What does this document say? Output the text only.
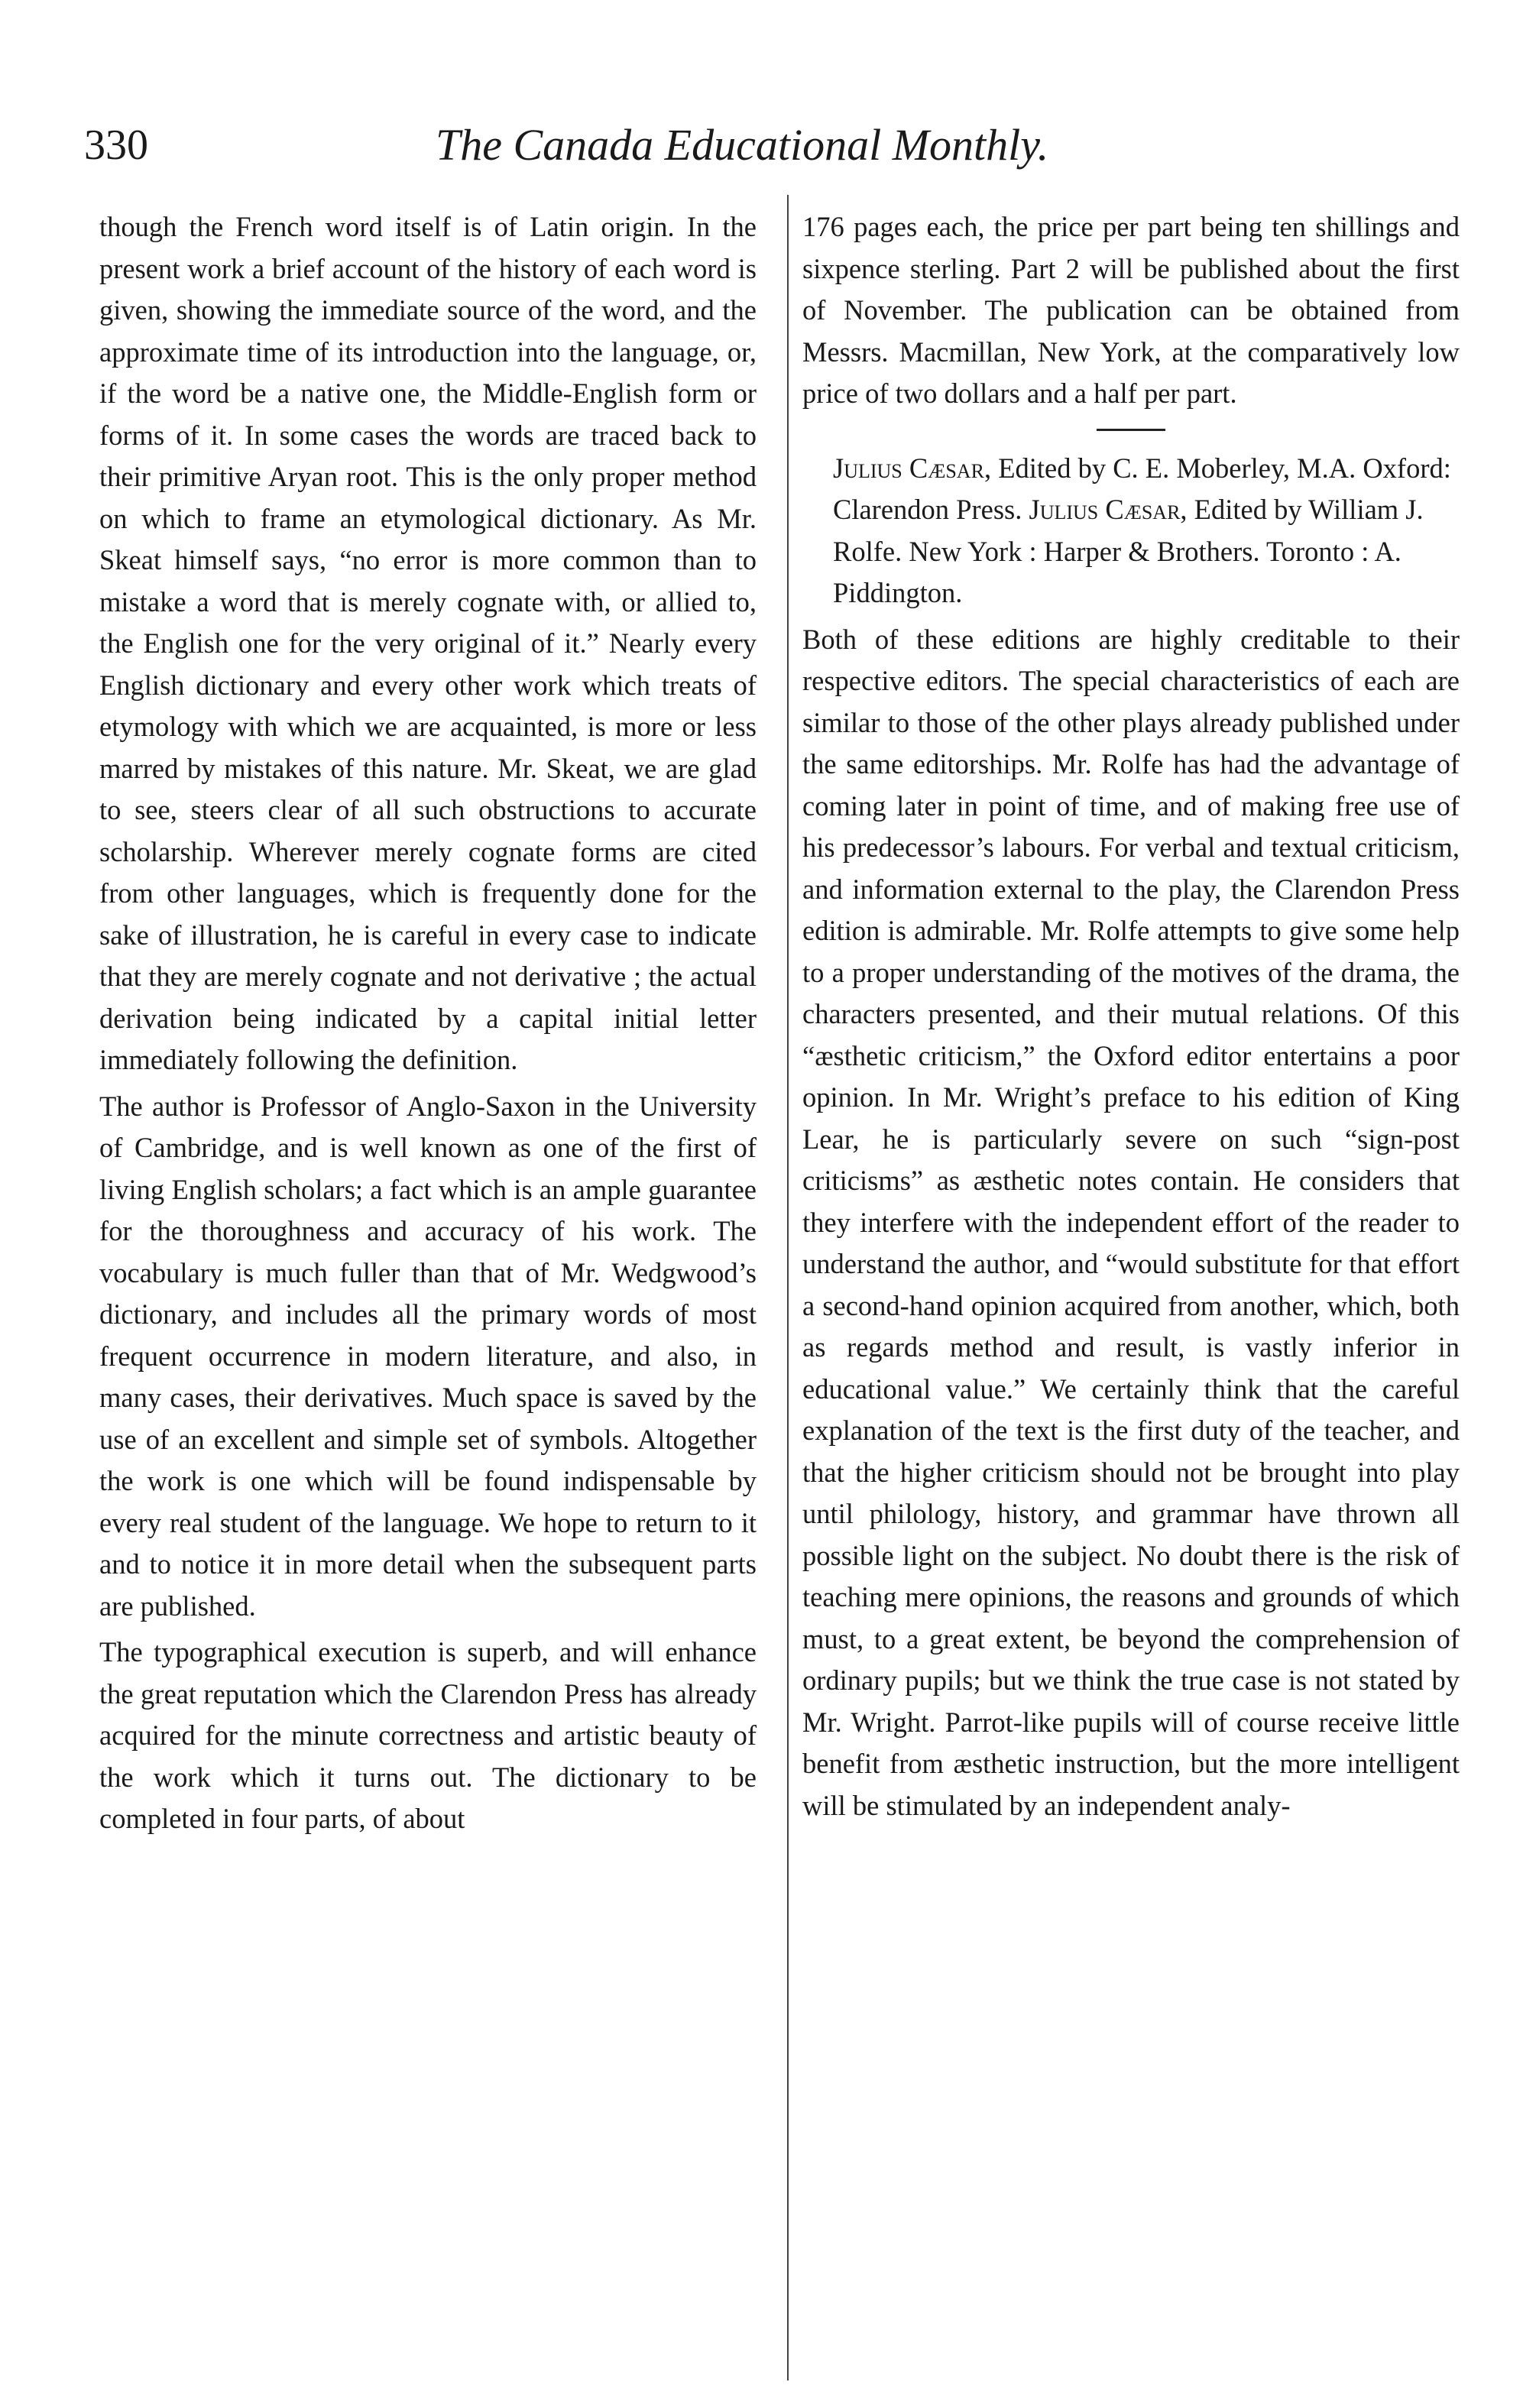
330	The Canada Educational Monthly.

though the French word itself is of Latin origin. In the present work a brief account of the history of each word is given, showing the immediate source of the word, and the approximate time of its introduction into the language, or, if the word be a native one, the Middle-English form or forms of it. In some cases the words are traced back to their primitive Aryan root. This is the only proper method on which to frame an etymological dictionary. As Mr. Skeat himself says, “no error is more common than to mistake a word that is merely cognate with, or allied to, the English one for the very original of it.” Nearly every English dictionary and every other work which treats of etymology with which we are acquainted, is more or less marred by mistakes of this nature. Mr. Skeat, we are glad to see, steers clear of all such obstructions to accurate scholarship. Wherever merely cognate forms are cited from other languages, which is frequently done for the sake of illustration, he is careful in every case to indicate that they are merely cognate and not derivative ; the actual derivation being indicated by a capital initial letter immediately following the definition.

The author is Professor of Anglo-Saxon in the University of Cambridge, and is well known as one of the first of living English scholars; a fact which is an ample guarantee for the thoroughness and accuracy of his work. The vocabulary is much fuller than that of Mr. Wedgwood’s dictionary, and includes all the primary words of most frequent occurrence in modern literature, and also, in many cases, their derivatives. Much space is saved by the use of an excellent and simple set of symbols. Altogether the work is one which will be found indispensable by every real student of the language. We hope to return to it and to notice it in more detail when the subsequent parts are published.

The typographical execution is superb, and will enhance the great reputation which the Clarendon Press has already acquired for the minute correctness and artistic beauty of the work which it turns out. The dictionary to be completed in four parts, of about

176 pages each, the price per part being ten shillings and sixpence sterling. Part 2 will be published about the first of November. The publication can be obtained from Messrs. Macmillan, New York, at the comparatively low price of two dollars and a half per part.

Julius Cæsar, Edited by C. E. Moberley, M.A. Oxford: Clarendon Press. Julius Cæsar, Edited by William J. Rolfe. New York : Harper & Brothers. Toronto : A. Piddington.

Both of these editions are highly creditable to their respective editors. The special characteristics of each are similar to those of the other plays already published under the same editorships. Mr. Rolfe has had the advantage of coming later in point of time, and of making free use of his predecessor’s labours. For verbal and textual criticism, and information external to the play, the Clarendon Press edition is admirable. Mr. Rolfe attempts to give some help to a proper understanding of the motives of the drama, the characters presented, and their mutual relations. Of this “æsthetic criticism,” the Oxford editor entertains a poor opinion. In Mr. Wright’s preface to his edition of King Lear, he is particularly severe on such “sign-post criticisms” as æsthetic notes contain. He considers that they interfere with the independent effort of the reader to understand the author, and “would substitute for that effort a second-hand opinion acquired from another, which, both as regards method and result, is vastly inferior in educational value.” We certainly think that the careful explanation of the text is the first duty of the teacher, and that the higher criticism should not be brought into play until philology, history, and grammar have thrown all possible light on the subject. No doubt there is the risk of teaching mere opinions, the reasons and grounds of which must, to a great extent, be beyond the comprehension of ordinary pupils; but we think the true case is not stated by Mr. Wright. Parrot-like pupils will of course receive little benefit from æsthetic instruction, but the more intelligent will be stimulated by an independent analy-
